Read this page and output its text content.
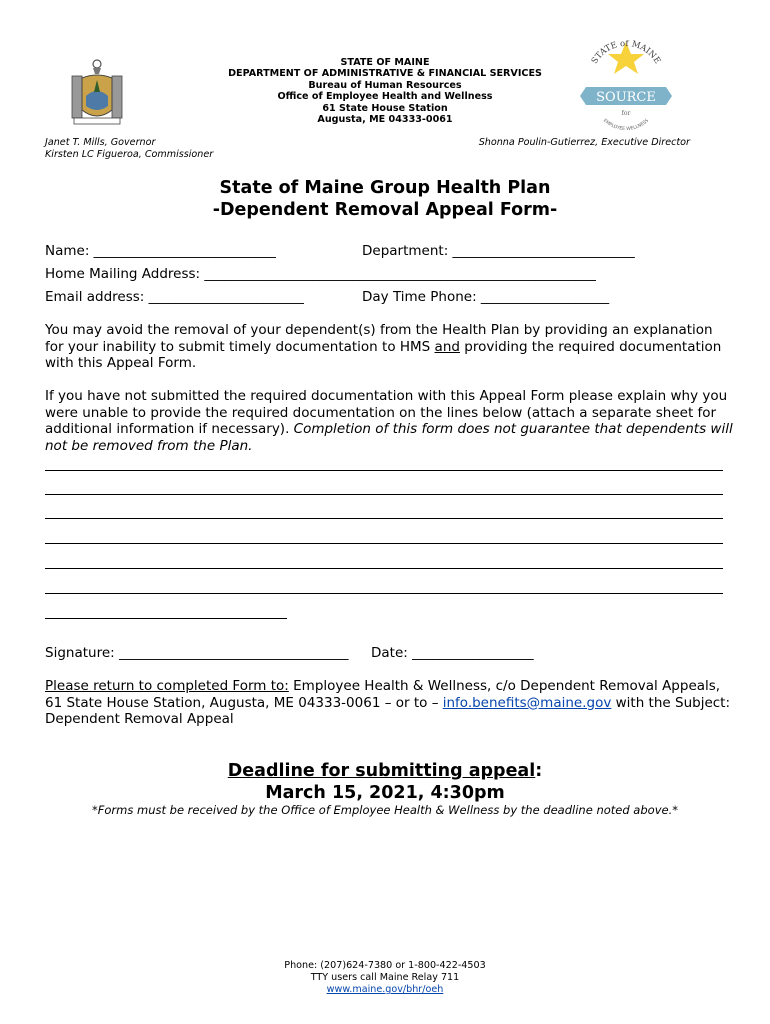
STATE OF MAINE
DEPARTMENT OF ADMINISTRATIVE & FINANCIAL SERVICES
Bureau of Human Resources
Office of Employee Health and Wellness
61 State House Station
Augusta, ME 04333-0061
STATE of MAINE
SOURCE
for
EMPLOYEE WELLNESS
Janet T. Mills, Governor
Kirsten LC Figueroa, Commissioner
Shonna Poulin-Gutierrez, Executive Director
State of Maine Group Health Plan
-Dependent Removal Appeal Form-
Name: ___________________________	Department: ___________________________
Home Mailing Address: __________________________________________________________
Email address: _______________________	Day Time Phone: ___________________
You may avoid the removal of your dependent(s) from the Health Plan by providing an explanation for your inability to submit timely documentation to HMS and providing the required documentation with this Appeal Form.
If you have not submitted the required documentation with this Appeal Form please explain why you were unable to provide the required documentation on the lines below (attach a separate sheet for additional information if necessary). Completion of this form does not guarantee that dependents will not be removed from the Plan.
Signature: __________________________________ Date: __________________
Please return to completed Form to: Employee Health & Wellness, c/o Dependent Removal Appeals, 61 State House Station, Augusta, ME 04333-0061 – or to – info.benefits@maine.gov with the Subject: Dependent Removal Appeal
Deadline for submitting appeal:
March 15, 2021, 4:30pm
*Forms must be received by the Office of Employee Health & Wellness by the deadline noted above.*
Phone: (207)624-7380 or 1-800-422-4503
TTY users call Maine Relay 711
www.maine.gov/bhr/oeh
